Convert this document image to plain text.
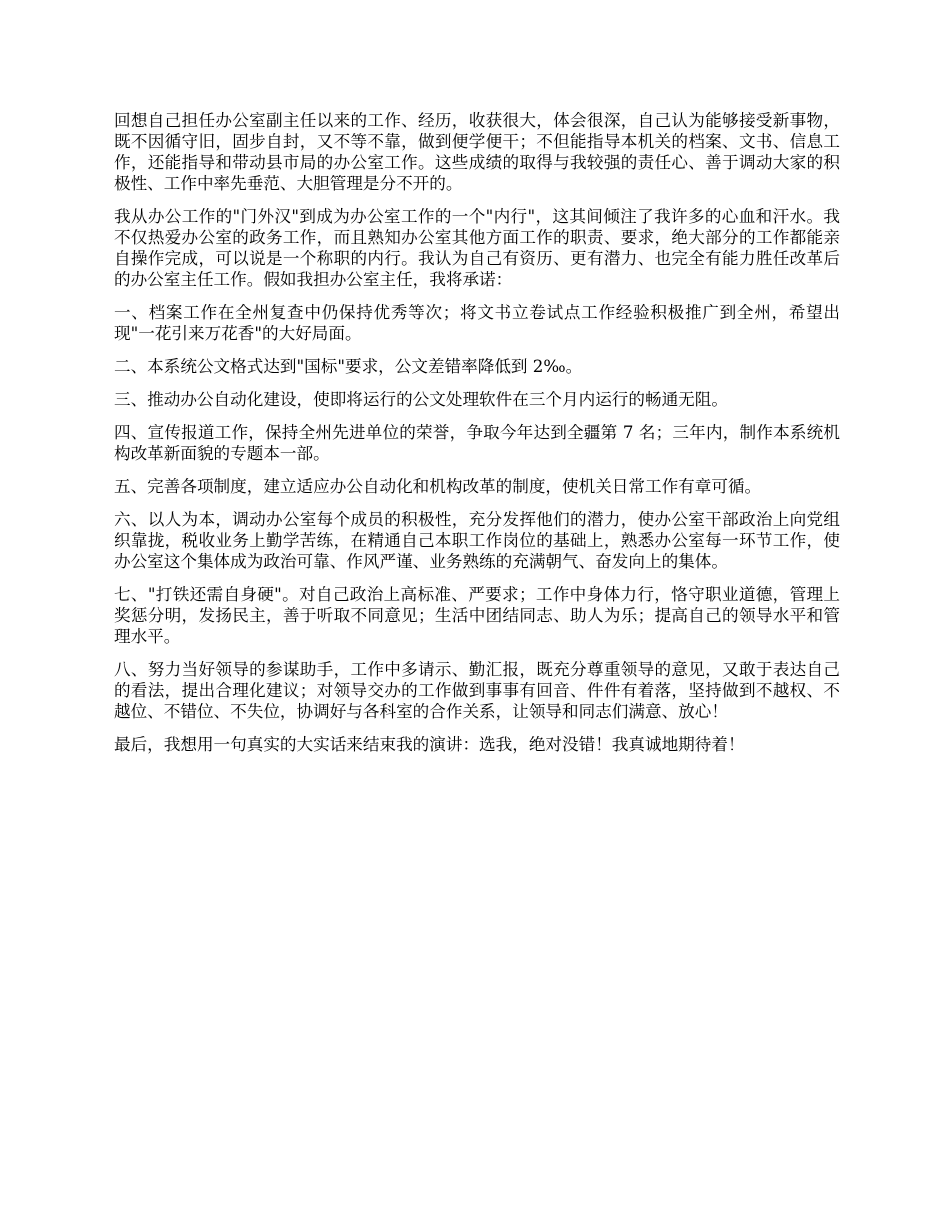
回想自己担任办公室副主任以来的工作、经历，收获很大，体会很深，自己认为能够接受新事物，既不因循守旧，固步自封，又不等不靠，做到便学便干；不但能指导本机关的档案、文书、信息工作，还能指导和带动县市局的办公室工作。这些成绩的取得与我较强的责任心、善于调动大家的积极性、工作中率先垂范、大胆管理是分不开的。

我从办公工作的"门外汉"到成为办公室工作的一个"内行"，这其间倾注了我许多的心血和汗水。我不仅热爱办公室的政务工作，而且熟知办公室其他方面工作的职责、要求，绝大部分的工作都能亲自操作完成，可以说是一个称职的内行。我认为自己有资历、更有潜力、也完全有能力胜任改革后的办公室主任工作。假如我担办公室主任，我将承诺：

一、档案工作在全州复查中仍保持优秀等次；将文书立卷试点工作经验积极推广到全州，希望出现"一花引来万花香"的大好局面。

二、本系统公文格式达到"国标"要求，公文差错率降低到 2‰。

三、推动办公自动化建设，使即将运行的公文处理软件在三个月内运行的畅通无阻。

四、宣传报道工作，保持全州先进单位的荣誉，争取今年达到全疆第 7 名；三年内，制作本系统机构改革新面貌的专题本一部。

五、完善各项制度，建立适应办公自动化和机构改革的制度，使机关日常工作有章可循。

六、以人为本，调动办公室每个成员的积极性，充分发挥他们的潜力，使办公室干部政治上向党组织靠拢，税收业务上勤学苦练，在精通自己本职工作岗位的基础上，熟悉办公室每一环节工作，使办公室这个集体成为政治可靠、作风严谨、业务熟练的充满朝气、奋发向上的集体。

七、"打铁还需自身硬"。对自己政治上高标准、严要求；工作中身体力行，恪守职业道德，管理上奖惩分明，发扬民主，善于听取不同意见；生活中团结同志、助人为乐；提高自己的领导水平和管理水平。

八、努力当好领导的参谋助手，工作中多请示、勤汇报，既充分尊重领导的意见，又敢于表达自己的看法，提出合理化建议；对领导交办的工作做到事事有回音、件件有着落，坚持做到不越权、不越位、不错位、不失位，协调好与各科室的合作关系，让领导和同志们满意、放心！

最后，我想用一句真实的大实话来结束我的演讲：选我，绝对没错！我真诚地期待着！
